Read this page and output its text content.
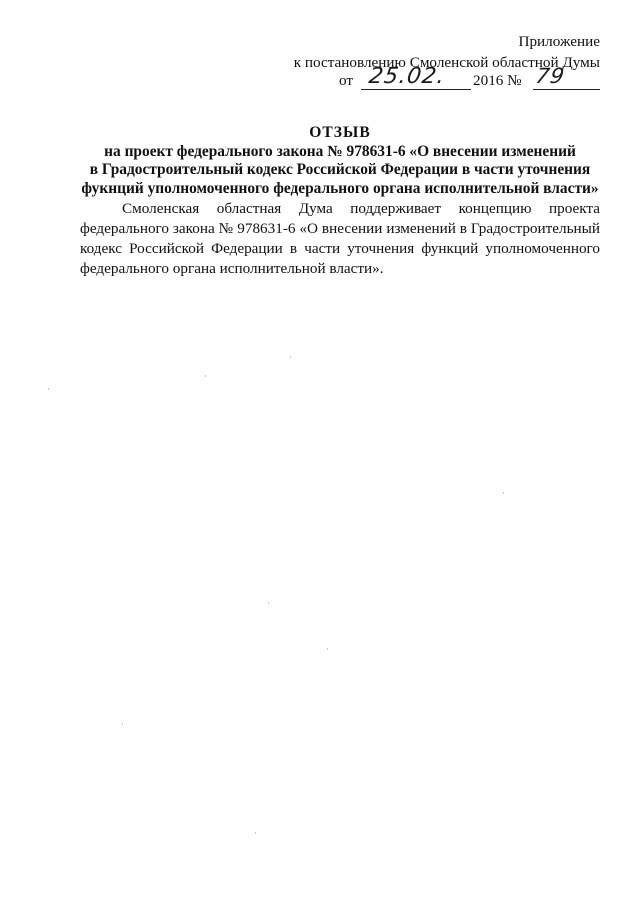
Приложение
к постановлению Смоленской областной Думы
от 25.02. 2016 № 79
ОТЗЫВ
на проект федерального закона № 978631-6 «О внесении изменений
в Градостроительный кодекс Российской Федерации в части уточнения
фукнций уполномоченного федерального органа исполнительной власти»
Смоленская областная Дума поддерживает концепцию проекта федерального закона № 978631-6 «О внесении изменений в Градостроительный кодекс Российской Федерации в части уточнения функций уполномоченного федерального органа исполнительной власти».
